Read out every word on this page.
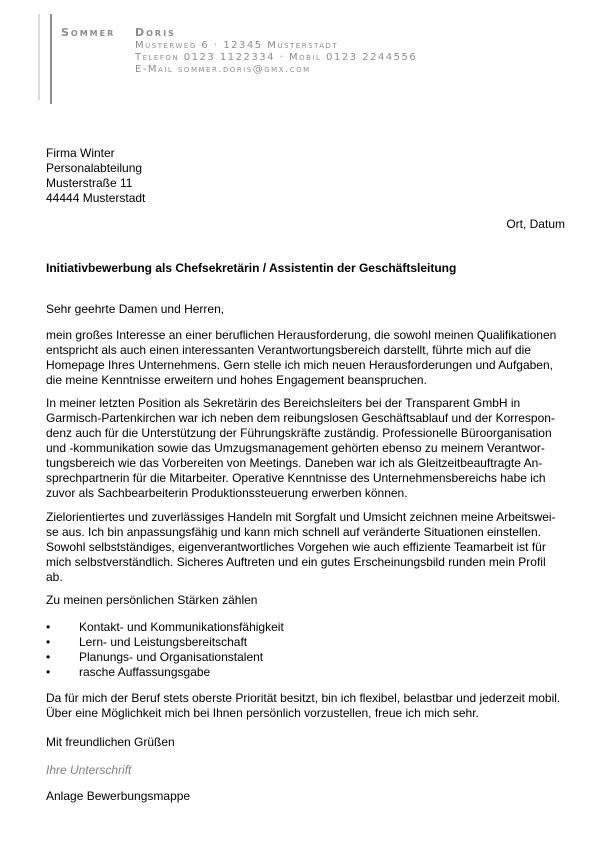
Sommer	Doris
Musterweg 6 · 12345 Musterstadt
Telefon 0123 1122334 · Mobil 0123 2244556
E-Mail sommer.doris@gmx.com
Firma Winter
Personalabteilung
Musterstraße 11
44444 Musterstadt
Ort, Datum
Initiativbewerbung als Chefsekretärin / Assistentin der Geschäftsleitung
Sehr geehrte Damen und Herren,
mein großes Interesse an einer beruflichen Herausforderung, die sowohl meinen Qualifikationen
entspricht als auch einen interessanten Verantwortungsbereich darstellt, führte mich auf die
Homepage Ihres Unternehmens. Gern stelle ich mich neuen Herausforderungen und Aufgaben,
die meine Kenntnisse erweitern und hohes Engagement beanspruchen.
In meiner letzten Position als Sekretärin des Bereichsleiters bei der Transparent GmbH in
Garmisch-Partenkirchen war ich neben dem reibungslosen Geschäftsablauf und der Korrespon-
denz auch für die Unterstützung der Führungskräfte zuständig. Professionelle Büroorganisation
und -kommunikation sowie das Umzugsmanagement gehörten ebenso zu meinem Verantwor-
tungsbereich wie das Vorbereiten von Meetings. Daneben war ich als Gleitzeitbeauftragte An-
sprechpartnerin für die Mitarbeiter. Operative Kenntnisse des Unternehmensbereichs habe ich
zuvor als Sachbearbeiterin Produktionssteuerung erwerben können.
Zielorientiertes und zuverlässiges Handeln mit Sorgfalt und Umsicht zeichnen meine Arbeitswei-
se aus. Ich bin anpassungsfähig und kann mich schnell auf veränderte Situationen einstellen.
Sowohl selbstständiges, eigenverantwortliches Vorgehen wie auch effiziente Teamarbeit ist für
mich selbstverständlich. Sicheres Auftreten und ein gutes Erscheinungsbild runden mein Profil
ab.
Zu meinen persönlichen Stärken zählen
• Kontakt- und Kommunikationsfähigkeit
• Lern- und Leistungsbereitschaft
• Planungs- und Organisationstalent
• rasche Auffassungsgabe
Da für mich der Beruf stets oberste Priorität besitzt, bin ich flexibel, belastbar und jederzeit mobil.
Über eine Möglichkeit mich bei Ihnen persönlich vorzustellen, freue ich mich sehr.
Mit freundlichen Grüßen
Ihre Unterschrift
Anlage Bewerbungsmappe
